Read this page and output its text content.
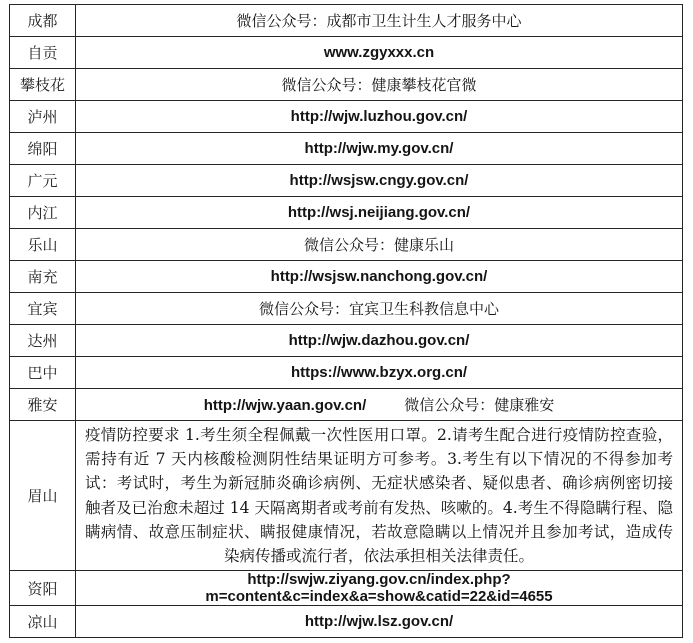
成都	微信公众号：成都市卫生计生人才服务中心
自贡	www.zgyxxx.cn
攀枝花	微信公众号：健康攀枝花官微
泸州	http://wjw.luzhou.gov.cn/
绵阳	http://wjw.my.gov.cn/
广元	http://wsjsw.cngy.gov.cn/
内江	http://wsj.neijiang.gov.cn/
乐山	微信公众号：健康乐山
南充	http://wsjsw.nanchong.gov.cn/
宜宾	微信公众号：宜宾卫生科教信息中心
达州	http://wjw.dazhou.gov.cn/
巴中	https://www.bzyx.org.cn/
雅安	http://wjw.yaan.gov.cn/ 微信公众号：健康雅安
眉山	疫情防控要求 1.考生须全程佩戴一次性医用口罩。2.请考生配合进行疫情防控查验，需持有近 7 天内核酸检测阴性结果证明方可参考。3.考生有以下情况的不得参加考试：考试时，考生为新冠肺炎确诊病例、无症状感染者、疑似患者、确诊病例密切接触者及已治愈未超过 14 天隔离期者或考前有发热、咳嗽的。4.考生不得隐瞒行程、隐瞒病情、故意压制症状、瞒报健康情况，若故意隐瞒以上情况并且参加考试，造成传染病传播或流行者，依法承担相关法律责任。
资阳	http://swjw.ziyang.gov.cn/index.php?m=content&c=index&a=show&catid=22&id=4655
凉山	http://wjw.lsz.gov.cn/
